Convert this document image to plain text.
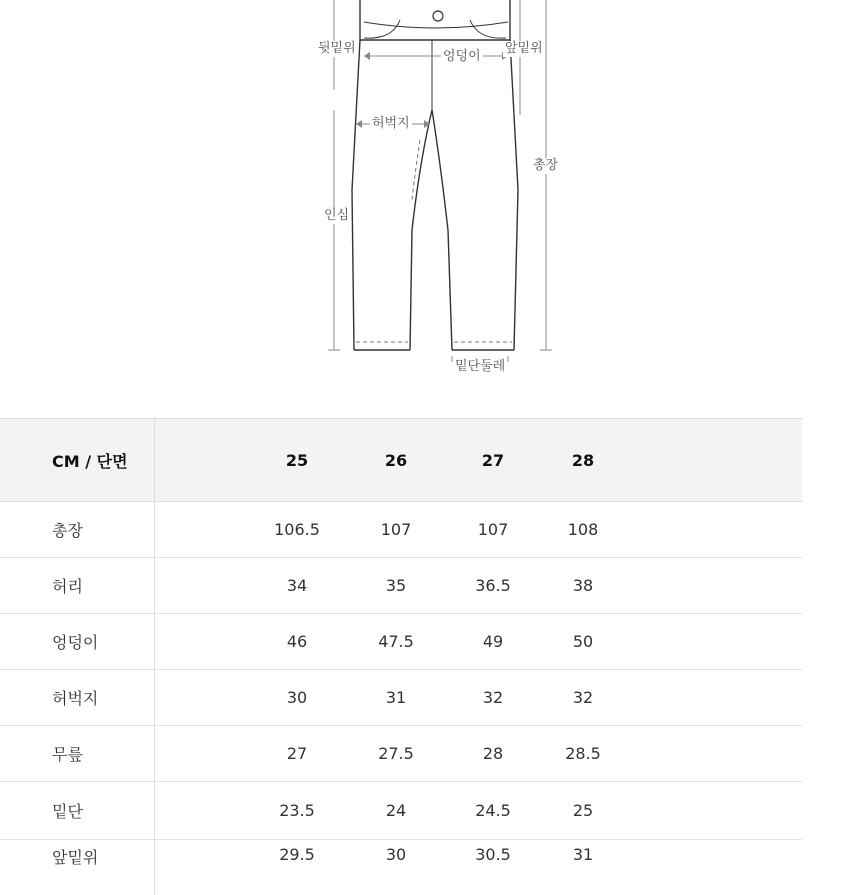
뒷밑위	앞밑위
엉덩이
허벅지
인심
총장
밑단둘레
CM / 단면	25	26	27	28
총장	106.5	107	107	108
허리	34	35	36.5	38
엉덩이	46	47.5	49	50
허벅지	30	31	32	32
무릎	27	27.5	28	28.5
밑단	23.5	24	24.5	25
앞밑위	29.5	30	30.5	31
